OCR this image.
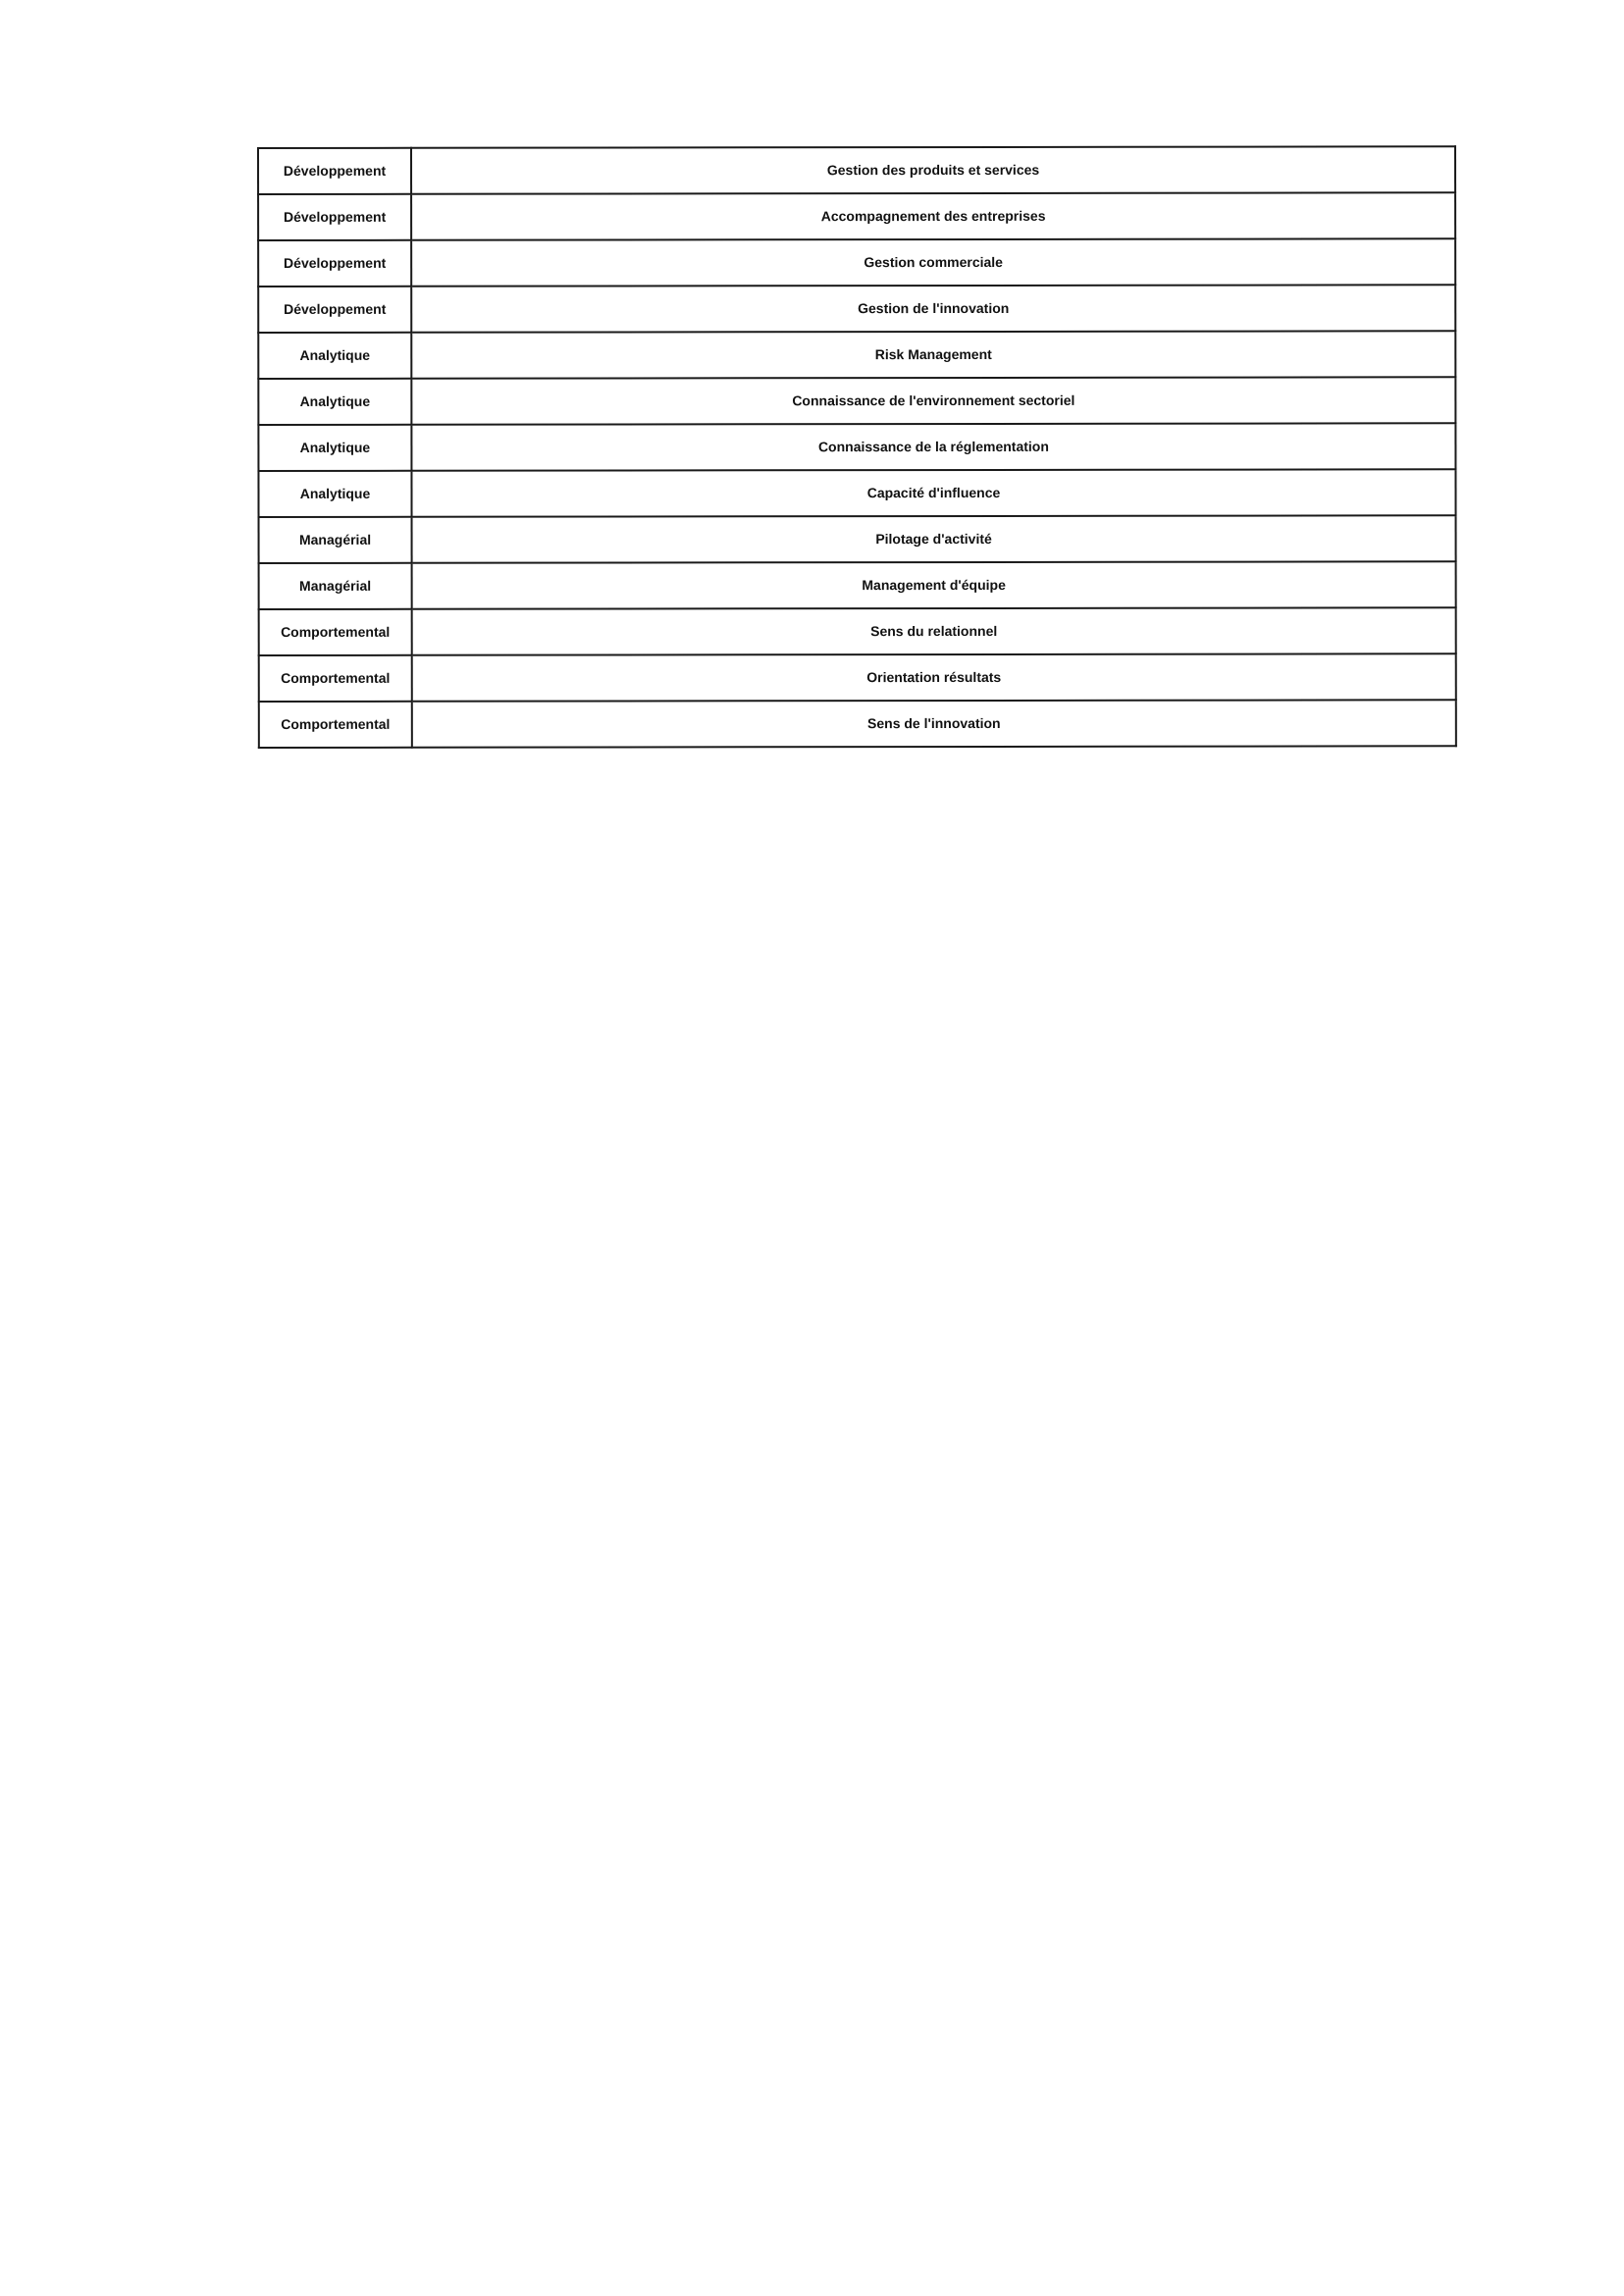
Développement	Gestion des produits et services
Développement	Accompagnement des entreprises
Développement	Gestion commerciale
Développement	Gestion de l'innovation
Analytique	Risk Management
Analytique	Connaissance de l'environnement sectoriel
Analytique	Connaissance de la réglementation
Analytique	Capacité d'influence
Managérial	Pilotage d'activité
Managérial	Management d'équipe
Comportemental	Sens du relationnel
Comportemental	Orientation résultats
Comportemental	Sens de l'innovation
